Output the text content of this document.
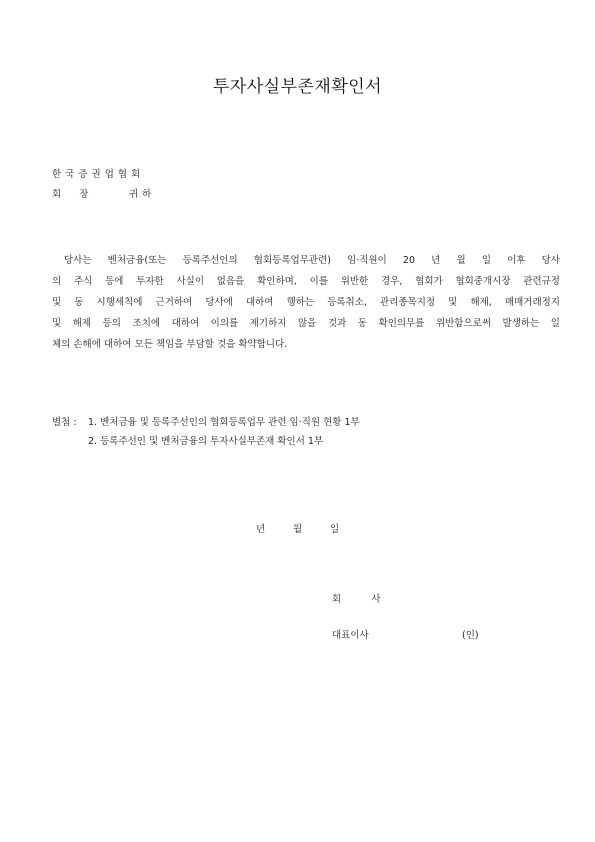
투자사실부존재확인서
한국증권업협회
회  장	귀하
당사는 벤처금융(또는 등록주선인의 협회등록업무관련) 임·직원이 20 년 월 일 이후 당사
의 주식 등에 투자한 사실이 없음을 확인하며, 이를 위반한 경우, 협회가 협회중개시장 관련규정
및 동 시행세칙에 근거하여 당사에 대하여 행하는 등록취소, 관리종목지정 및 해제, 매매거래정지
및 해제 등의 조치에 대하여 이의를 제기하지 않을 것과 동 확인의무를 위반함으로써 발생하는 일
체의 손해에 대하여 모든 책임을 부담할 것을 확약합니다.
별첨 : 1. 벤처금융 및 등록주선인의 협회등록업무 관련 임·직원 현황 1부
2. 등록주선인 및 벤처금융의 투자사실부존재 확인서 1부
년	월	일
회  사
대표이사	(인)
